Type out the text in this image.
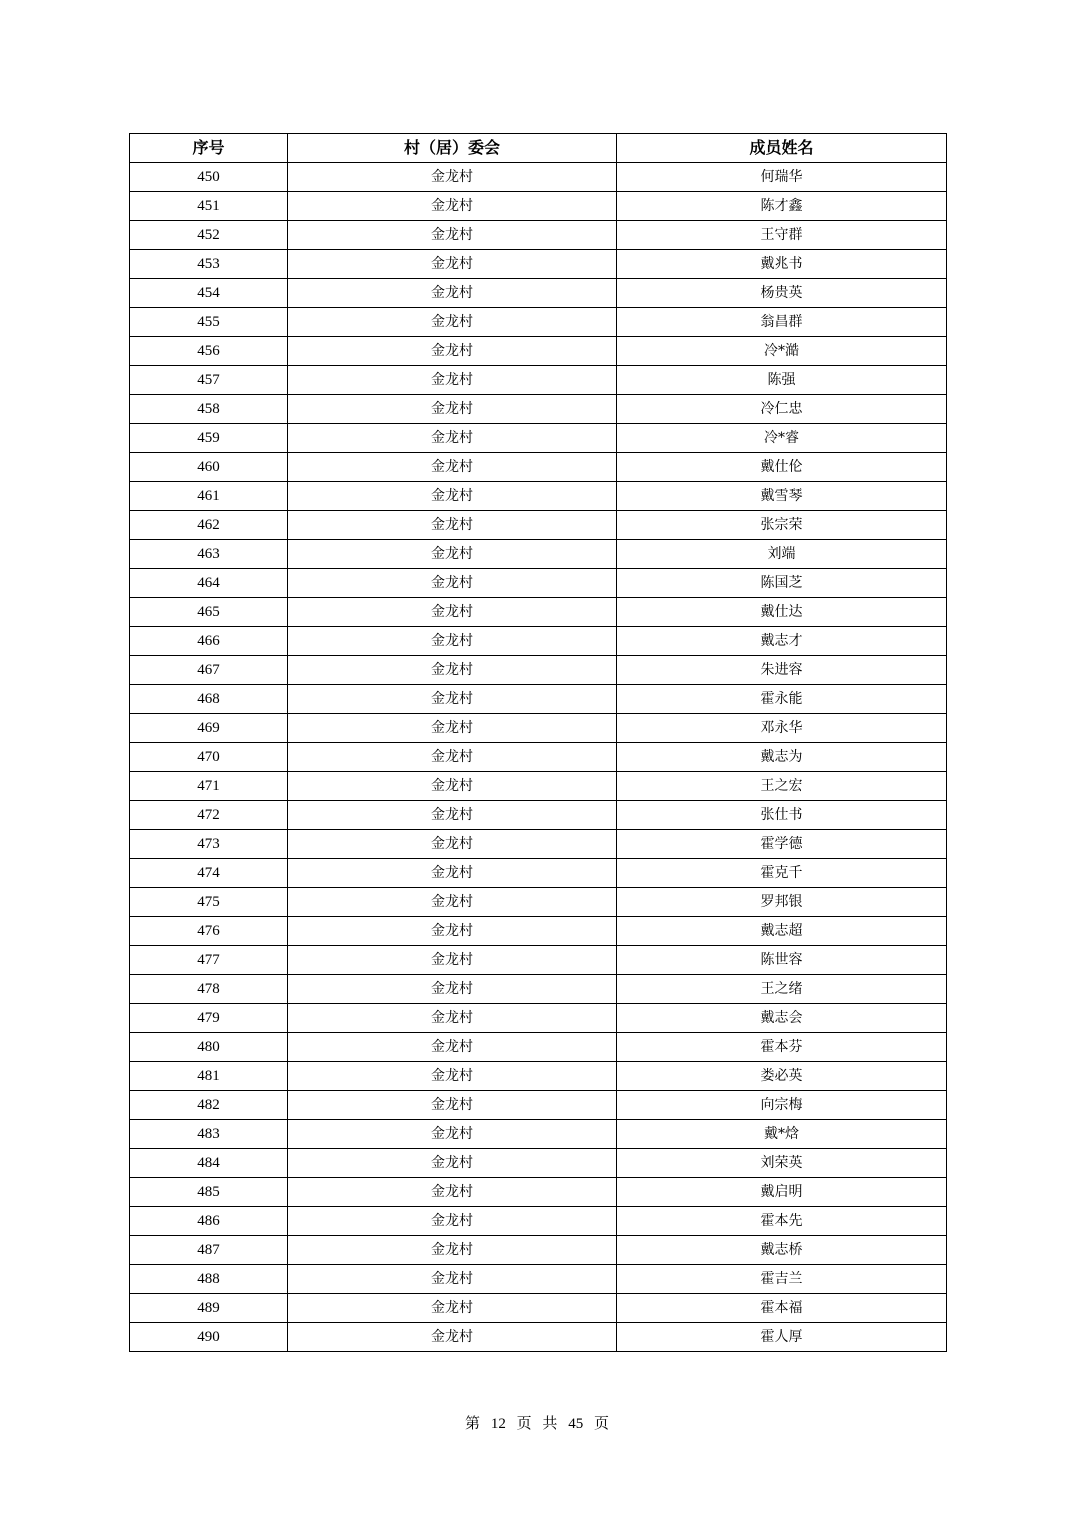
序号	村（居）委会	成员姓名
450	金龙村	何瑞华
451	金龙村	陈才鑫
452	金龙村	王守群
453	金龙村	戴兆书
454	金龙村	杨贵英
455	金龙村	翁昌群
456	金龙村	冷*澔
457	金龙村	陈强
458	金龙村	冷仁忠
459	金龙村	冷*睿
460	金龙村	戴仕伦
461	金龙村	戴雪琴
462	金龙村	张宗荣
463	金龙村	刘端
464	金龙村	陈国芝
465	金龙村	戴仕达
466	金龙村	戴志才
467	金龙村	朱进容
468	金龙村	霍永能
469	金龙村	邓永华
470	金龙村	戴志为
471	金龙村	王之宏
472	金龙村	张仕书
473	金龙村	霍学德
474	金龙村	霍克千
475	金龙村	罗邦银
476	金龙村	戴志超
477	金龙村	陈世容
478	金龙村	王之绪
479	金龙村	戴志会
480	金龙村	霍本芬
481	金龙村	娄必英
482	金龙村	向宗梅
483	金龙村	戴*焓
484	金龙村	刘荣英
485	金龙村	戴启明
486	金龙村	霍本先
487	金龙村	戴志桥
488	金龙村	霍吉兰
489	金龙村	霍本福
490	金龙村	霍人厚
第 12 页 共 45 页
